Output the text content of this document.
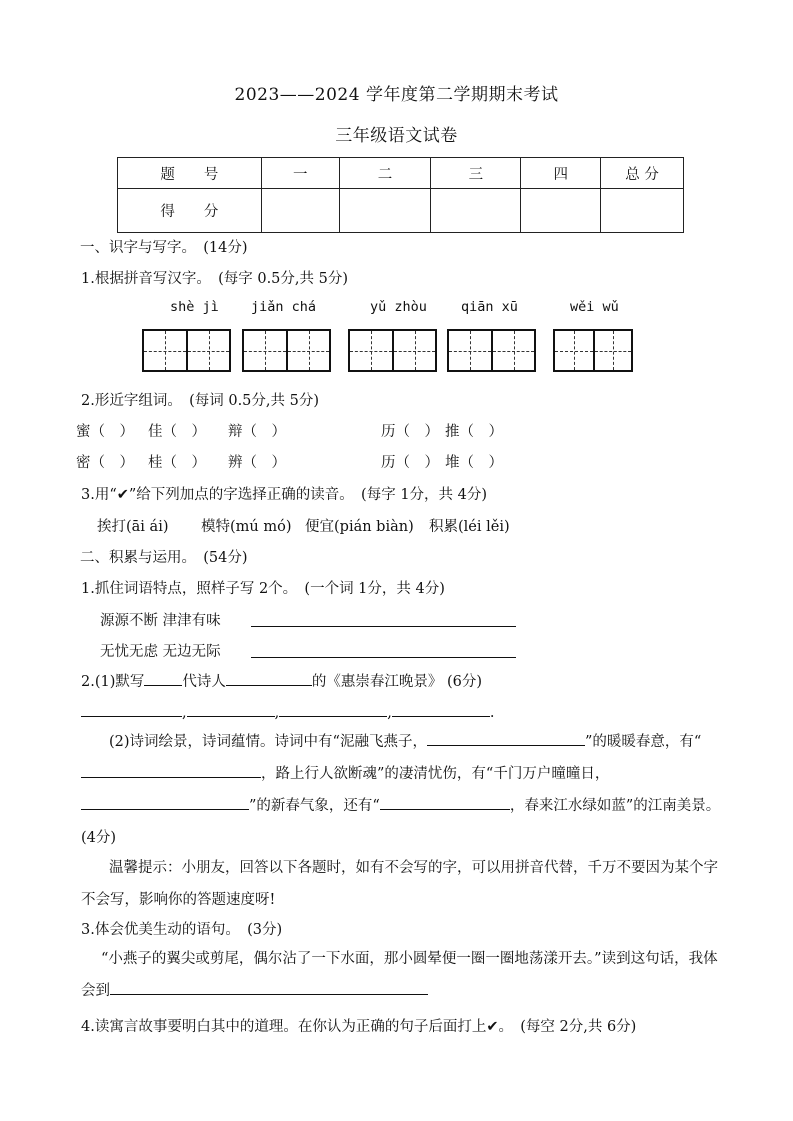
2023——2024 学年度第二学期期末考试
三年级语文试卷
题　　号	一	二	三	四	总 分
得　　分					
一、识字与写字。　(14分)
1.根据拼音写汉字。　(每字 0.5分,共 5分)
shè jì jiǎn chá	yǔ zhòu	qiān xū	wěi wǔ
2.形近字组词。　(每词 0.5分,共 5分)
蜜（　） 佳（　） 辩（　）	历（　） 推（　）
密（　） 桂（　） 辨（　）	历（　） 堆（　）
3.用“✔”给下列加点的字选择正确的读音。　(每字 1分，共 4分)
挨打(āi ái) 模特(mú mó) 便宜(pián biàn) 积累(léi lěi)
二、积累与运用。　(54分)
1.抓住词语特点，照样子写 2个。　(一个词 1分，共 4分)
源源不断 津津有味
无忧无虑 无边无际
2.(1)默写	代诗人	的《惠崇春江晚景》 (6分)
,	,	,	.
(2)诗词绘景，诗词蕴情。诗词中有“泥融飞燕子，	”的暖暖春意，有“，路上行人欲断魂”的凄清忧伤，有“千门万户曈曈日，”的新春气象，还有“	，春来江水绿如蓝”的江南美景。 (4分)
温馨提示：小朋友，回答以下各题时，如有不会写的字，可以用拼音代替，千万不要因为某个字不会写，影响你的答题速度呀!
3.体会优美生动的语句。　(3分)
“小燕子的翼尖或剪尾，偶尔沾了一下水面，那小圆晕便一圈一圈地荡漾开去。”读到这句话，我体会到
4.读寓言故事要明白其中的道理。在你认为正确的句子后面打上✔。　(每空 2分,共 6分)
